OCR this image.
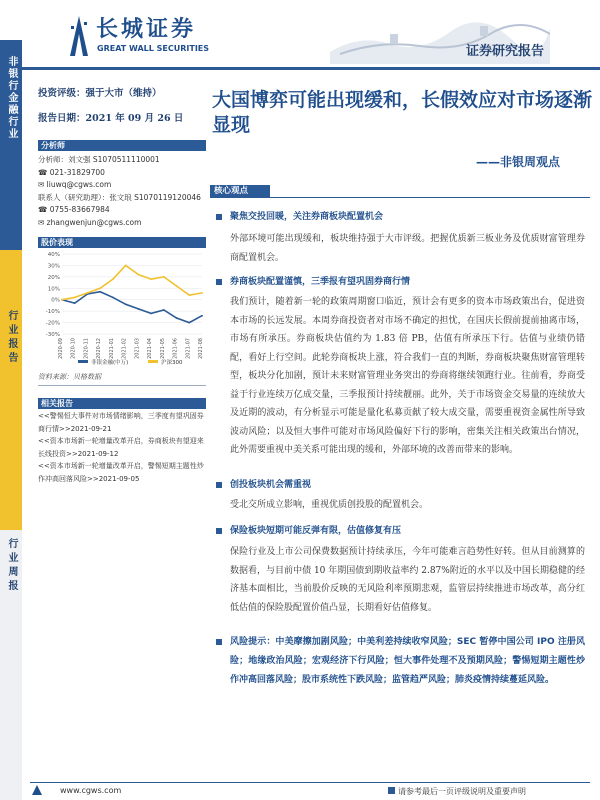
长城证券
GREAT WALL SECURITIES	证券研究报告
非银行金融行业
行业报告
行业周报
投资评级：强于大市（维持）
报告日期：2021 年 09 月 26 日
分析师
分析师：刘文强 S1070511110001
☎ 021-31829700
✉ liuwq@cgws.com
联系人（研究助理）：张文琅 S1070119120046
☎ 0755-83667984
✉ zhangwenjun@cgws.com
股价表现
40%
30%
20%
10%
0%
-10%
-20%
-30%
2020-09 2020-10 2020-11 2020-12 2021-01 2021-02 2021-03 2021-04 2021-05 2021-06 2021-07 2021-08
非银金融(中万)	沪深300
资料来源：贝格数据
相关报告
<<警惕恒大事件对市场情绪影响，三季度有望巩固券商行情>>2021-09-21
<<资本市场新一轮增量改革开启，券商板块有望迎来长线投资>>2021-09-12
<<资本市场新一轮增量改革开启，警惕短期主题性炒作冲高回落风险>>2021-09-05
大国博弈可能出现缓和，长假效应对市场逐渐显现
——非银周观点
核心观点
聚焦交投回暖，关注券商板块配置机会
外部环境可能出现缓和，板块维持强于大市评级。把握优质新三板业务及优质财富管理券商配置机会。
券商板块配置谨慎，三季报有望巩固券商行情
我们预计，随着新一轮的政策周期窗口临近，预计会有更多的资本市场政策出台，促进资本市场的长远发展。本周券商投资者对市场不确定的担忧，在国庆长假前提前抽离市场，市场有所承压。券商板块估值约为 1.83 倍 PB，估值有所承压下行。估值与业绩仍错配，看好上行空间。此轮券商板块上涨，符合我们一直的判断，券商板块聚焦财富管理转型，板块分化加剧，预计未来财富管理业务突出的券商将继续领跑行业。往前看，券商受益于行业连续万亿成交量，三季报预计持续靓丽。此外，关于市场资金交易量的连续放大及近期的波动，有分析显示可能是量化私募贡献了较大成交量，需要重视资金属性所导致波动风险；以及恒大事件可能对市场风险偏好下行的影响，密集关注相关政策出台情况，此外需要重视中美关系可能出现的缓和，外部环境的改善而带来的影响。
创投板块机会需重视
受北交所成立影响，重视优质创投股的配置机会。
保险板块短期可能反弹有限，估值修复有压
保险行业及上市公司保费数据预计持续承压，今年可能难言趋势性好转。但从目前测算的数据看，与目前中债 10 年期国债到期收益率约 2.87%附近的水平以及中国长期稳健的经济基本面相比，当前股价反映的无风险利率预期悲观，监管层持续推进市场改革，高分红低估值的保险股配置价值凸显，长期看好估值修复。
风险提示：中美摩擦加剧风险；中美利差持续收窄风险；SEC 暂停中国公司 IPO 注册风险；地缘政治风险；宏观经济下行风险；恒大事件处理不及预期风险；警惕短期主题性炒作冲高回落风险；股市系统性下跌风险；监管趋严风险；肺炎疫情持续蔓延风险。
www.cgws.com	请参考最后一页评级说明及重要声明
